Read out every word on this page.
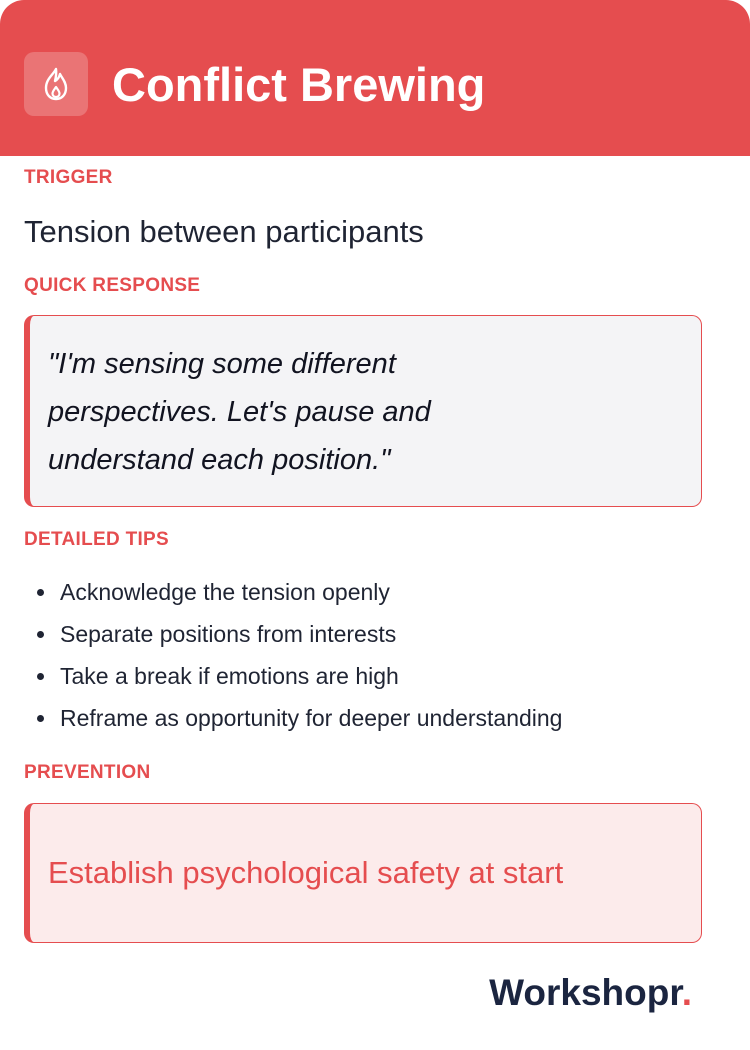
Conflict Brewing
TRIGGER
Tension between participants
QUICK RESPONSE
"I'm sensing some different perspectives. Let's pause and understand each position."
DETAILED TIPS
Acknowledge the tension openly
Separate positions from interests
Take a break if emotions are high
Reframe as opportunity for deeper understanding
PREVENTION
Establish psychological safety at start
Workshopr.
